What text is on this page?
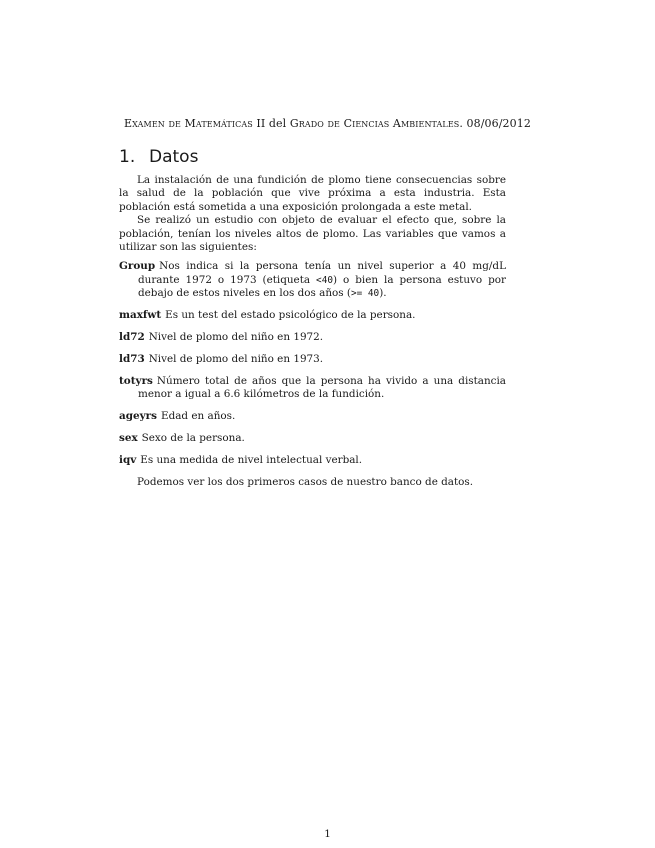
Examen de Matemáticas II del Grado de Ciencias Ambientales. 08/06/2012
1. Datos

La instalación de una fundición de plomo tiene consecuencias sobre la salud de la población que vive próxima a esta industria. Esta población está sometida a una exposición prolongada a este metal.

Se realizó un estudio con objeto de evaluar el efecto que, sobre la población, tenían los niveles altos de plomo. Las variables que vamos a utilizar son las siguientes:

Group Nos indica si la persona tenía un nivel superior a 40 mg/dL durante 1972 o 1973 (etiqueta <40) o bien la persona estuvo por debajo de estos niveles en los dos años (>= 40).
maxfwt Es un test del estado psicológico de la persona.
ld72 Nivel de plomo del niño en 1972.
ld73 Nivel de plomo del niño en 1973.
totyrs Número total de años que la persona ha vivido a una distancia menor a igual a 6.6 kilómetros de la fundición.
ageyrs Edad en años.
sex Sexo de la persona.
iqv Es una medida de nivel intelectual verbal.

Podemos ver los dos primeros casos de nuestro banco de datos.

1
